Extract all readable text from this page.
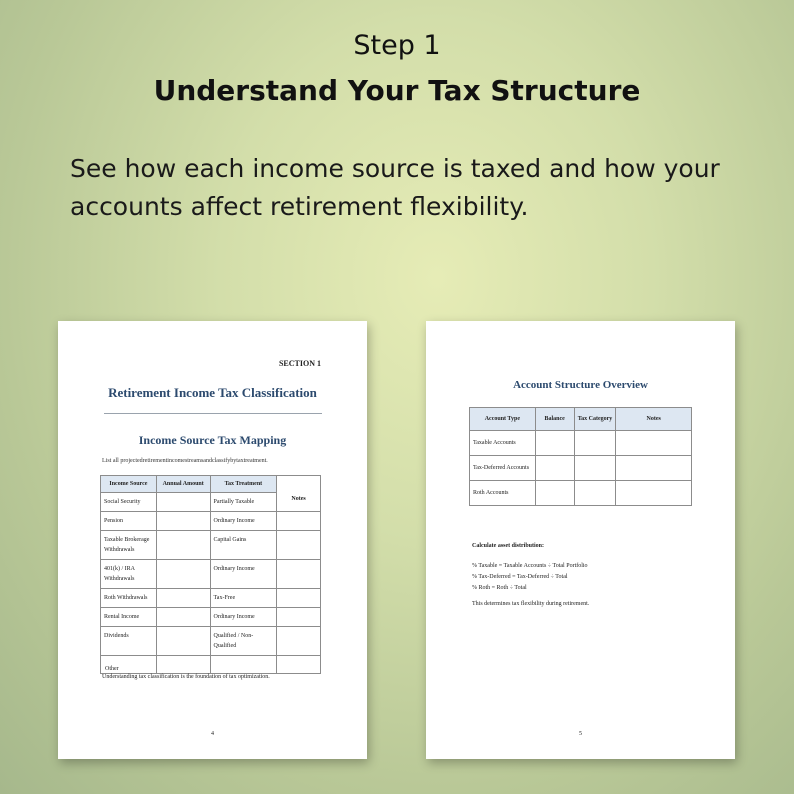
Step 1
Understand Your Tax Structure
See how each income source is taxed and how your accounts affect retirement flexibility.
SECTION 1
Retirement Income Tax Classification
Income Source Tax Mapping
List all projectedretirementincomestreamsandclassifybytaxtreatment.
Income Source	Annual Amount	Tax Treatment	Notes
Social Security		Partially Taxable	
Pension		Ordinary Income	
Taxable Brokerage Withdrawals		Capital Gains	
401(k) / IRA Withdrawals		Ordinary Income	
Roth Withdrawals		Tax-Free	
Rental Income		Ordinary Income	
Dividends		Qualified / Non-Qualified	

Other
Understanding tax classification is the foundation of tax optimization.
4
Account Structure Overview
Account Type	Balance	Tax Category	Notes
Taxable Accounts			
Tax-Deferred Accounts			
Roth Accounts			
Calculate asset distribution:
% Taxable = Taxable Accounts ÷ Total Portfolio
% Tax-Deferred = Tax-Deferred ÷ Total
% Roth = Roth ÷ Total
This determines tax flexibility during retirement.
5
